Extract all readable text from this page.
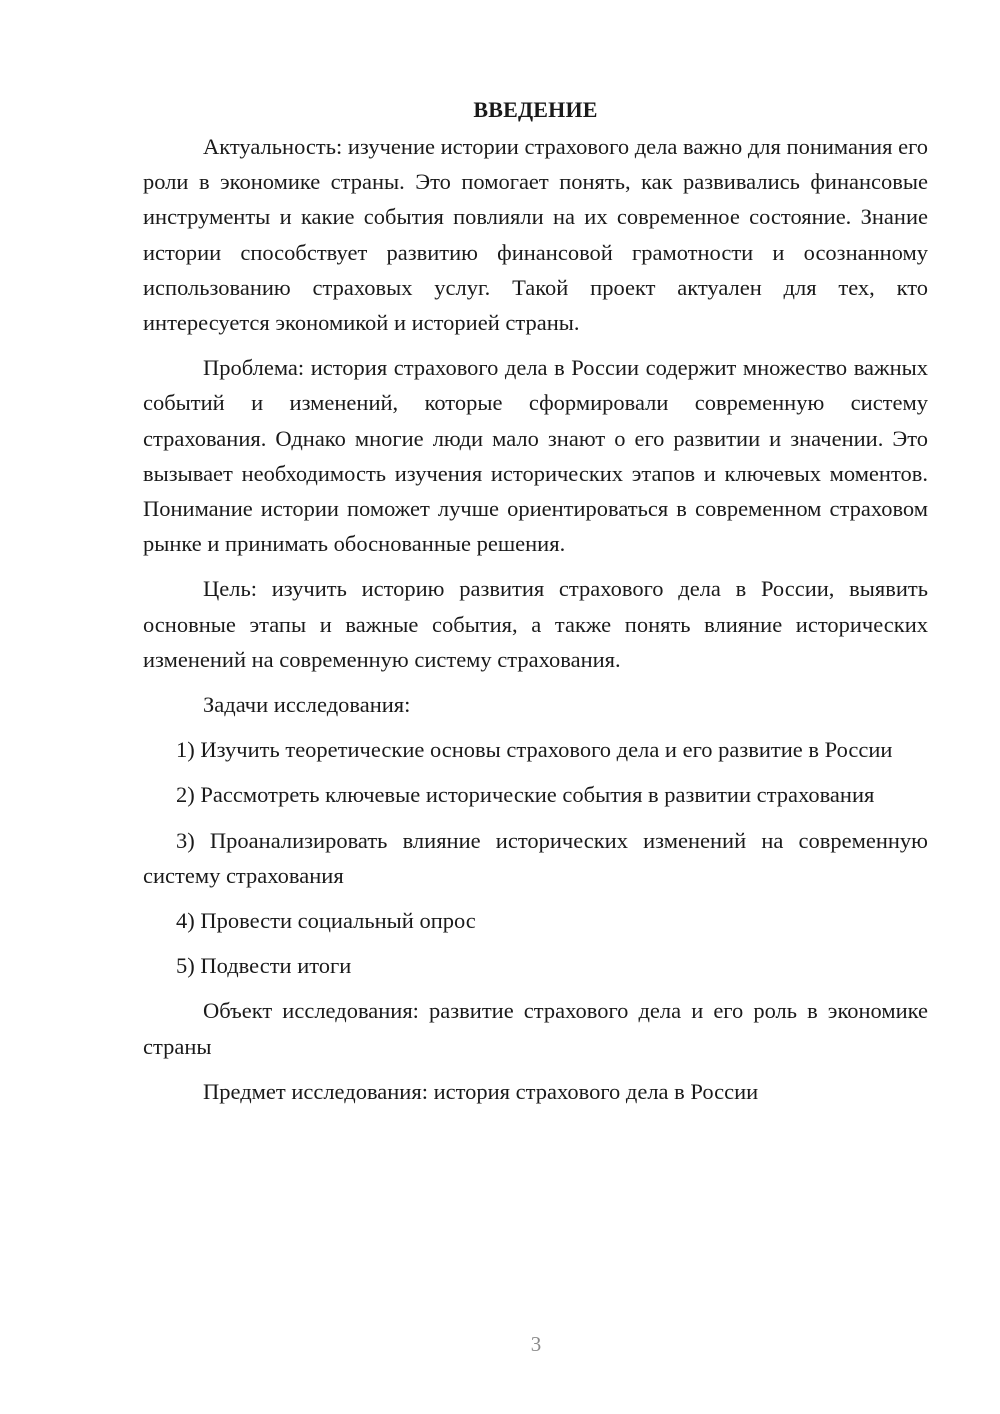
ВВЕДЕНИЕ

Актуальность: изучение истории страхового дела важно для понимания его роли в экономике страны. Это помогает понять, как развивались финансовые инструменты и какие события повлияли на их современное состояние. Знание истории способствует развитию финансовой грамотности и осознанному использованию страховых услуг. Такой проект актуален для тех, кто интересуется экономикой и историей страны.

Проблема: история страхового дела в России содержит множество важных событий и изменений, которые сформировали современную систему страхования. Однако многие люди мало знают о его развитии и значении. Это вызывает необходимость изучения исторических этапов и ключевых моментов. Понимание истории поможет лучше ориентироваться в современном страховом рынке и принимать обоснованные решения.

Цель: изучить историю развития страхового дела в России, выявить основные этапы и важные события, а также понять влияние исторических изменений на современную систему страхования.

Задачи исследования:

1) Изучить теоретические основы страхового дела и его развитие в России

2) Рассмотреть ключевые исторические события в развитии страхования

3) Проанализировать влияние исторических изменений на современную систему страхования

4) Провести социальный опрос

5) Подвести итоги

Объект исследования: развитие страхового дела и его роль в экономике страны

Предмет исследования: история страхового дела в России

3
